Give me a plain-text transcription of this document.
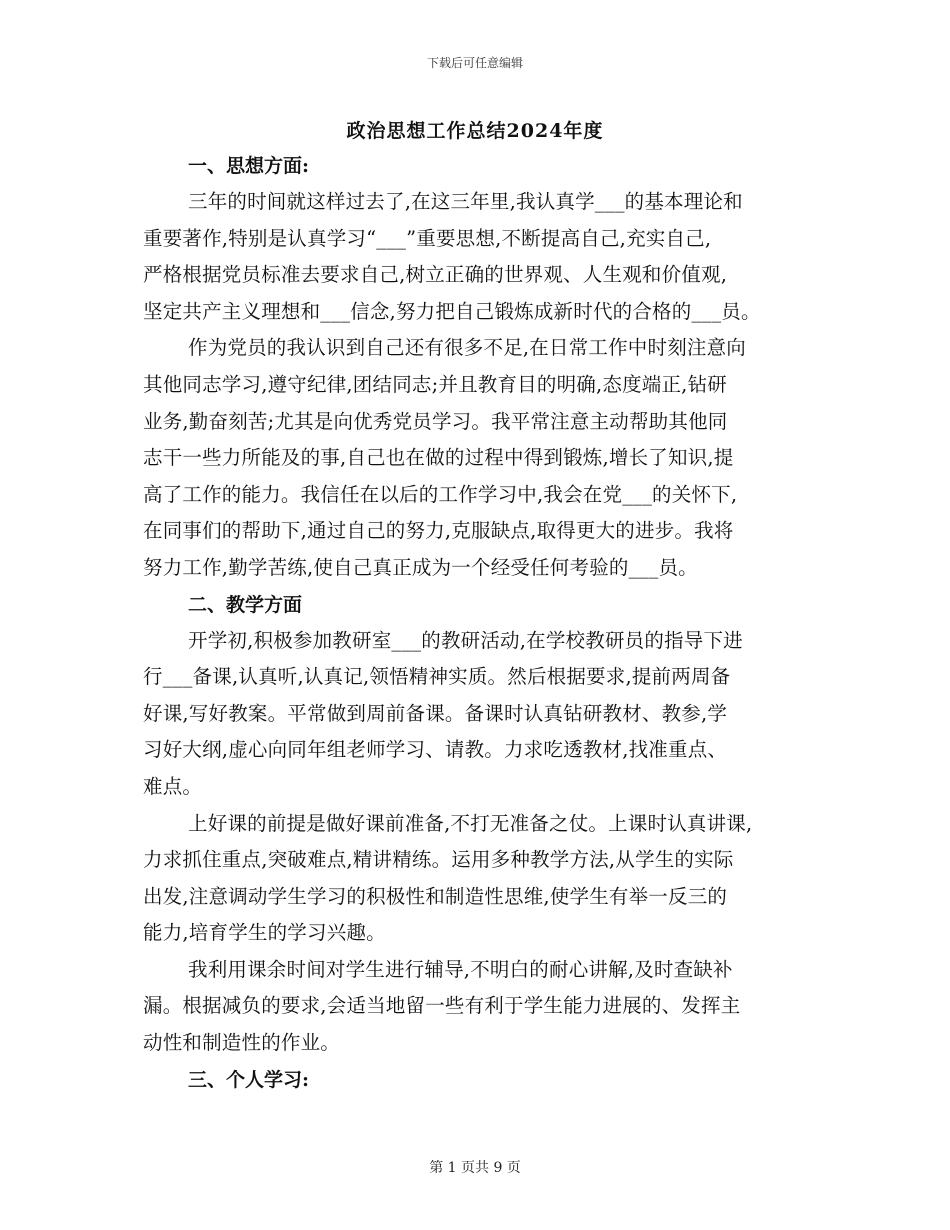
下载后可任意编辑
政治思想工作总结2024年度
一、思想方面:
三年的时间就这样过去了,在这三年里,我认真学___的基本理论和
重要著作,特别是认真学习“___”重要思想,不断提高自己,充实自己,
严格根据党员标准去要求自己,树立正确的世界观、人生观和价值观,
坚定共产主义理想和___信念,努力把自己锻炼成新时代的合格的___员。
作为党员的我认识到自己还有很多不足,在日常工作中时刻注意向
其他同志学习,遵守纪律,团结同志;并且教育目的明确,态度端正,钻研
业务,勤奋刻苦;尤其是向优秀党员学习。我平常注意主动帮助其他同
志干一些力所能及的事,自己也在做的过程中得到锻炼,增长了知识,提
高了工作的能力。我信任在以后的工作学习中,我会在党___的关怀下,
在同事们的帮助下,通过自己的努力,克服缺点,取得更大的进步。我将
努力工作,勤学苦练,使自己真正成为一个经受任何考验的___员。
二、教学方面
开学初,积极参加教研室___的教研活动,在学校教研员的指导下进
行___备课,认真听,认真记,领悟精神实质。然后根据要求,提前两周备
好课,写好教案。平常做到周前备课。备课时认真钻研教材、教参,学
习好大纲,虚心向同年组老师学习、请教。力求吃透教材,找准重点、
难点。
上好课的前提是做好课前准备,不打无准备之仗。上课时认真讲课,
力求抓住重点,突破难点,精讲精练。运用多种教学方法,从学生的实际
出发,注意调动学生学习的积极性和制造性思维,使学生有举一反三的
能力,培育学生的学习兴趣。
我利用课余时间对学生进行辅导,不明白的耐心讲解,及时查缺补
漏。根据减负的要求,会适当地留一些有利于学生能力进展的、发挥主
动性和制造性的作业。
三、个人学习:
第 1 页共 9 页
